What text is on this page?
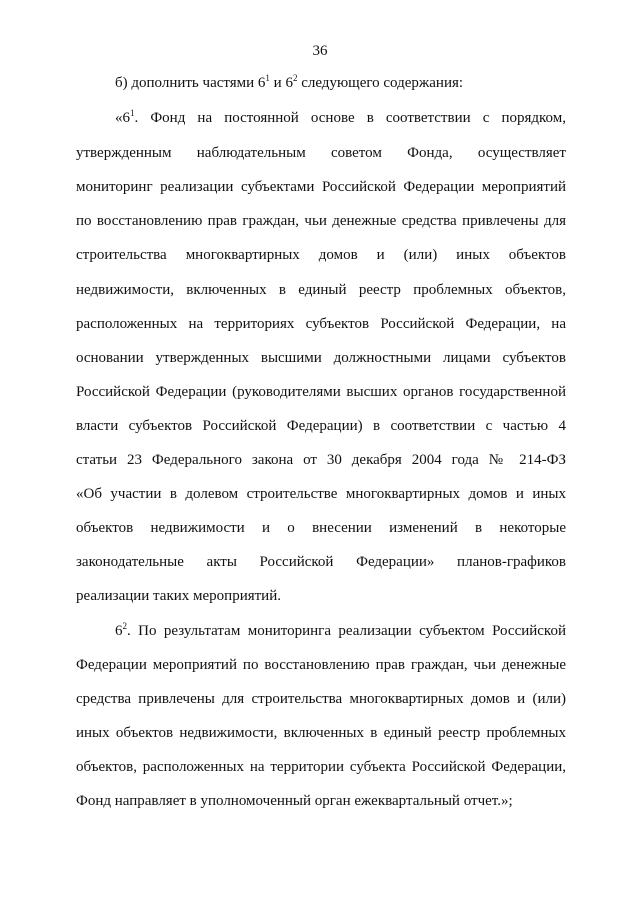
36
б) дополнить частями $6^1$ и $6^2$ следующего содержания:
«$6^1$. Фонд на постоянной основе в соответствии с порядком,
утвержденным наблюдательным советом Фонда, осуществляет
мониторинг реализации субъектами Российской Федерации мероприятий
по восстановлению прав граждан, чьи денежные средства привлечены для
строительства многоквартирных домов и (или) иных объектов
недвижимости, включенных в единый реестр проблемных объектов,
расположенных на территориях субъектов Российской Федерации, на
основании утвержденных высшими должностными лицами субъектов
Российской Федерации (руководителями высших органов государственной
власти субъектов Российской Федерации) в соответствии с частью 4
статьи 23 Федерального закона от 30 декабря 2004 года № 214-ФЗ
«Об участии в долевом строительстве многоквартирных домов и иных
объектов недвижимости и о внесении изменений в некоторые
законодательные акты Российской Федерации» планов-графиков
реализации таких мероприятий.
$6^2$. По результатам мониторинга реализации субъектом Российской
Федерации мероприятий по восстановлению прав граждан, чьи денежные
средства привлечены для строительства многоквартирных домов и (или)
иных объектов недвижимости, включенных в единый реестр проблемных
объектов, расположенных на территории субъекта Российской Федерации,
Фонд направляет в уполномоченный орган ежеквартальный отчет.»;
